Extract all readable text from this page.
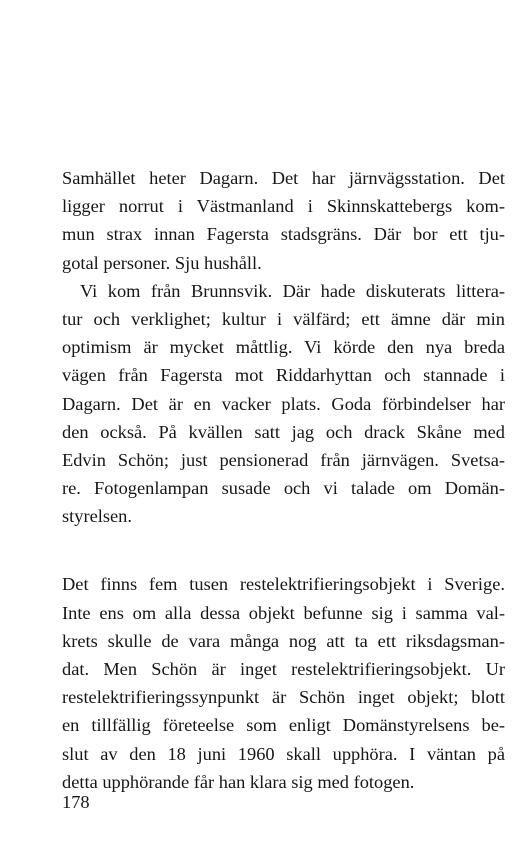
Samhället heter Dagarn. Det har järnvägsstation. Det
ligger norrut i Västmanland i Skinnskattebergs kom-
mun strax innan Fagersta stadsgräns. Där bor ett tju-
gotal personer. Sju hushåll.
Vi kom från Brunnsvik. Där hade diskuterats littera-
tur och verklighet; kultur i välfärd; ett ämne där min
optimism är mycket måttlig. Vi körde den nya breda
vägen från Fagersta mot Riddarhyttan och stannade i
Dagarn. Det är en vacker plats. Goda förbindelser har
den också. På kvällen satt jag och drack Skåne med
Edvin Schön; just pensionerad från järnvägen. Svetsa-
re. Fotogenlampan susade och vi talade om Domän-
styrelsen.
Det finns fem tusen restelektrifieringsobjekt i Sverige.
Inte ens om alla dessa objekt befunne sig i samma val-
krets skulle de vara många nog att ta ett riksdagsman-
dat. Men Schön är inget restelektrifieringsobjekt. Ur
restelektrifieringssynpunkt är Schön inget objekt; blott
en tillfällig företeelse som enligt Domänstyrelsens be-
slut av den 18 juni 1960 skall upphöra. I väntan på
detta upphörande får han klara sig med fotogen.
178
